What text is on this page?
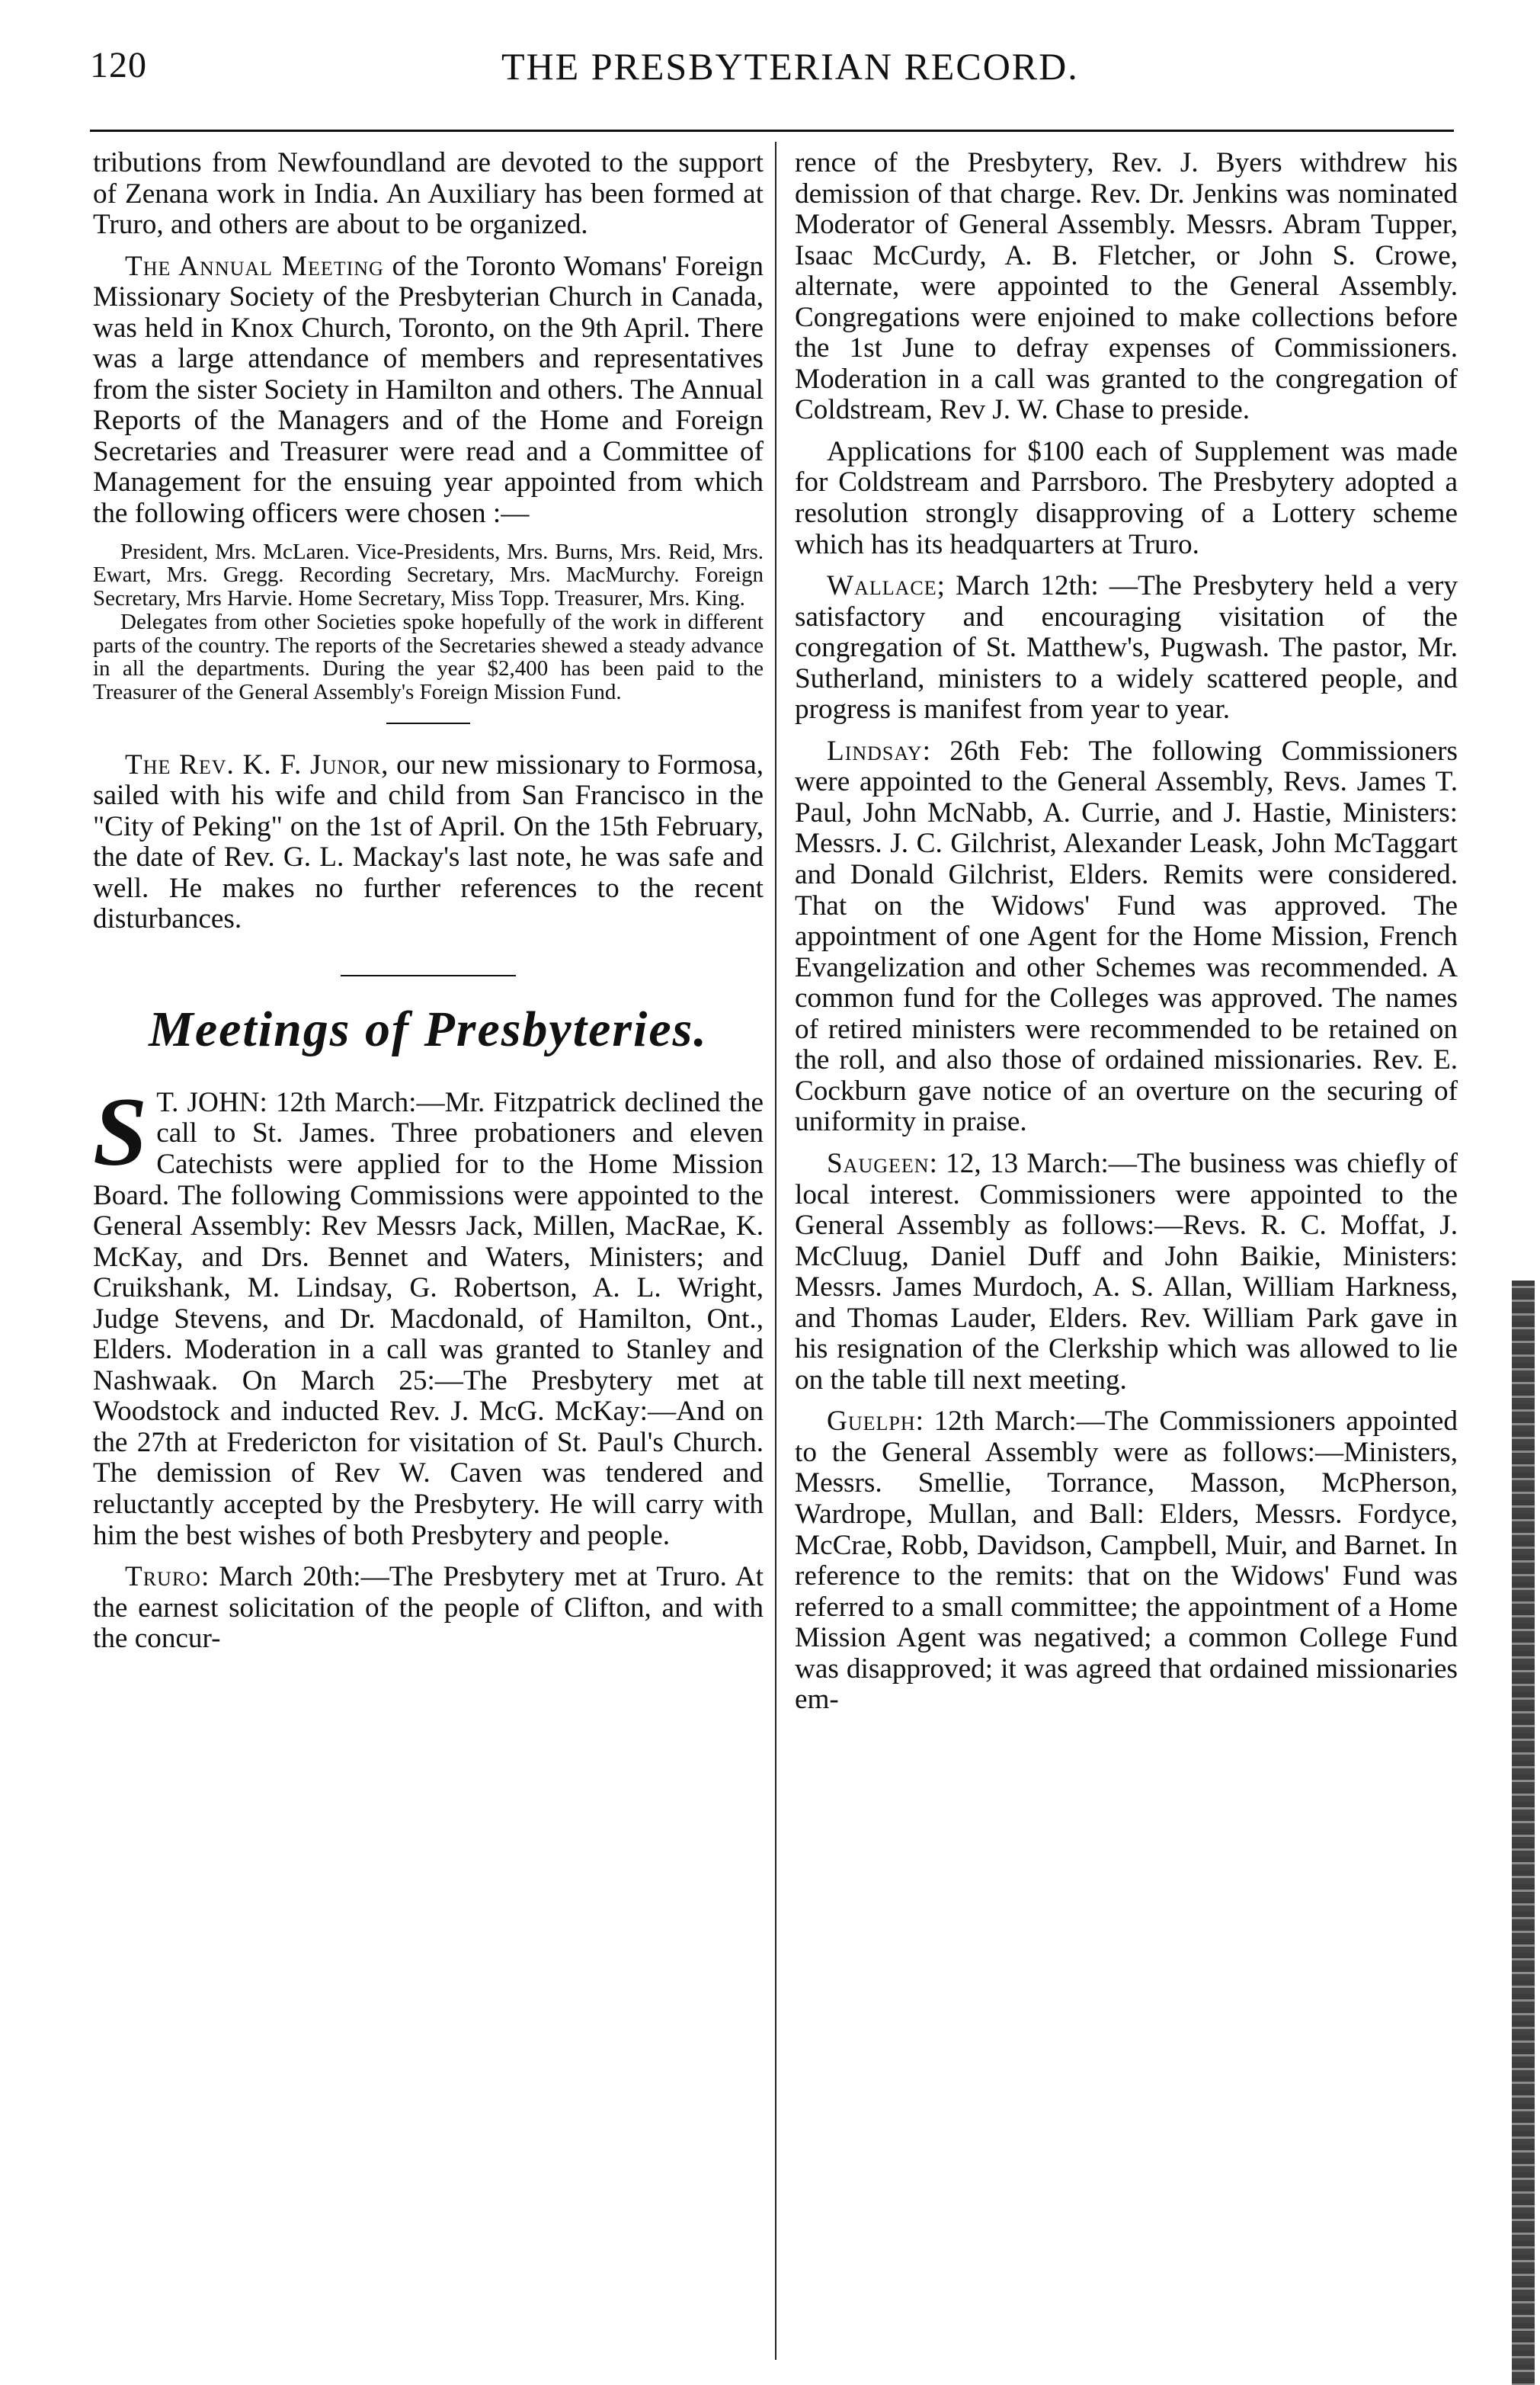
120	THE PRESBYTERIAN RECORD.

tributions from Newfoundland are devoted to the support of Zenana work in India. An Auxiliary has been formed at Truro, and others are about to be organized.

The Annual Meeting of the Toronto Womans' Foreign Missionary Society of the Presbyterian Church in Canada, was held in Knox Church, Toronto, on the 9th April. There was a large attendance of members and representatives from the sister Society in Hamilton and others. The Annual Reports of the Managers and of the Home and Foreign Secretaries and Treasurer were read and a Committee of Management for the ensuing year appointed from which the following officers were chosen :—

President, Mrs. McLaren. Vice-Presidents, Mrs. Burns, Mrs. Reid, Mrs. Ewart, Mrs. Gregg. Recording Secretary, Mrs. MacMurchy. Foreign Secretary, Mrs Harvie. Home Secretary, Miss Topp. Treasurer, Mrs. King.

Delegates from other Societies spoke hopefully of the work in different parts of the country. The reports of the Secretaries shewed a steady advance in all the departments. During the year $2,400 has been paid to the Treasurer of the General Assembly's Foreign Mission Fund.

The Rev. K. F. Junor, our new missionary to Formosa, sailed with his wife and child from San Francisco in the "City of Peking" on the 1st of April. On the 15th February, the date of Rev. G. L. Mackay's last note, he was safe and well. He makes no further references to the recent disturbances.

Meetings of Presbyteries.

S T. JOHN: 12th March:—Mr. Fitzpatrick declined the call to St. James. Three probationers and eleven Catechists were applied for to the Home Mission Board. The following Commissions were appointed to the General Assembly: Rev Messrs Jack, Millen, MacRae, K. McKay, and Drs. Bennet and Waters, Ministers; and Cruikshank, M. Lindsay, G. Robertson, A. L. Wright, Judge Stevens, and Dr. Macdonald, of Hamilton, Ont., Elders. Moderation in a call was granted to Stanley and Nashwaak. On March 25:—The Presbytery met at Woodstock and inducted Rev. J. McG. McKay:—And on the 27th at Fredericton for visitation of St. Paul's Church. The demission of Rev W. Caven was tendered and reluctantly accepted by the Presbytery. He will carry with him the best wishes of both Presbytery and people.

Truro: March 20th:—The Presbytery met at Truro. At the earnest solicitation of the people of Clifton, and with the concur-

rence of the Presbytery, Rev. J. Byers withdrew his demission of that charge. Rev. Dr. Jenkins was nominated Moderator of General Assembly. Messrs. Abram Tupper, Isaac McCurdy, A. B. Fletcher, or John S. Crowe, alternate, were appointed to the General Assembly. Congregations were enjoined to make collections before the 1st June to defray expenses of Commissioners. Moderation in a call was granted to the congregation of Coldstream, Rev J. W. Chase to preside.

Applications for $100 each of Supplement was made for Coldstream and Parrsboro. The Presbytery adopted a resolution strongly disapproving of a Lottery scheme which has its headquarters at Truro.

Wallace; March 12th: —The Presbytery held a very satisfactory and encouraging visitation of the congregation of St. Matthew's, Pugwash. The pastor, Mr. Sutherland, ministers to a widely scattered people, and progress is manifest from year to year.

Lindsay: 26th Feb: The following Commissioners were appointed to the General Assembly, Revs. James T. Paul, John McNabb, A. Currie, and J. Hastie, Ministers: Messrs. J. C. Gilchrist, Alexander Leask, John McTaggart and Donald Gilchrist, Elders. Remits were considered. That on the Widows' Fund was approved. The appointment of one Agent for the Home Mission, French Evangelization and other Schemes was recommended. A common fund for the Colleges was approved. The names of retired ministers were recommended to be retained on the roll, and also those of ordained missionaries. Rev. E. Cockburn gave notice of an overture on the securing of uniformity in praise.

Saugeen: 12, 13 March:—The business was chiefly of local interest. Commissioners were appointed to the General Assembly as follows:—Revs. R. C. Moffat, J. McCluug, Daniel Duff and John Baikie, Ministers: Messrs. James Murdoch, A. S. Allan, William Harkness, and Thomas Lauder, Elders. Rev. William Park gave in his resignation of the Clerkship which was allowed to lie on the table till next meeting.

Guelph: 12th March:—The Commissioners appointed to the General Assembly were as follows:—Ministers, Messrs. Smellie, Torrance, Masson, McPherson, Wardrope, Mullan, and Ball: Elders, Messrs. Fordyce, McCrae, Robb, Davidson, Campbell, Muir, and Barnet. In reference to the remits: that on the Widows' Fund was referred to a small committee; the appointment of a Home Mission Agent was negatived; a common College Fund was disapproved; it was agreed that ordained missionaries em-
